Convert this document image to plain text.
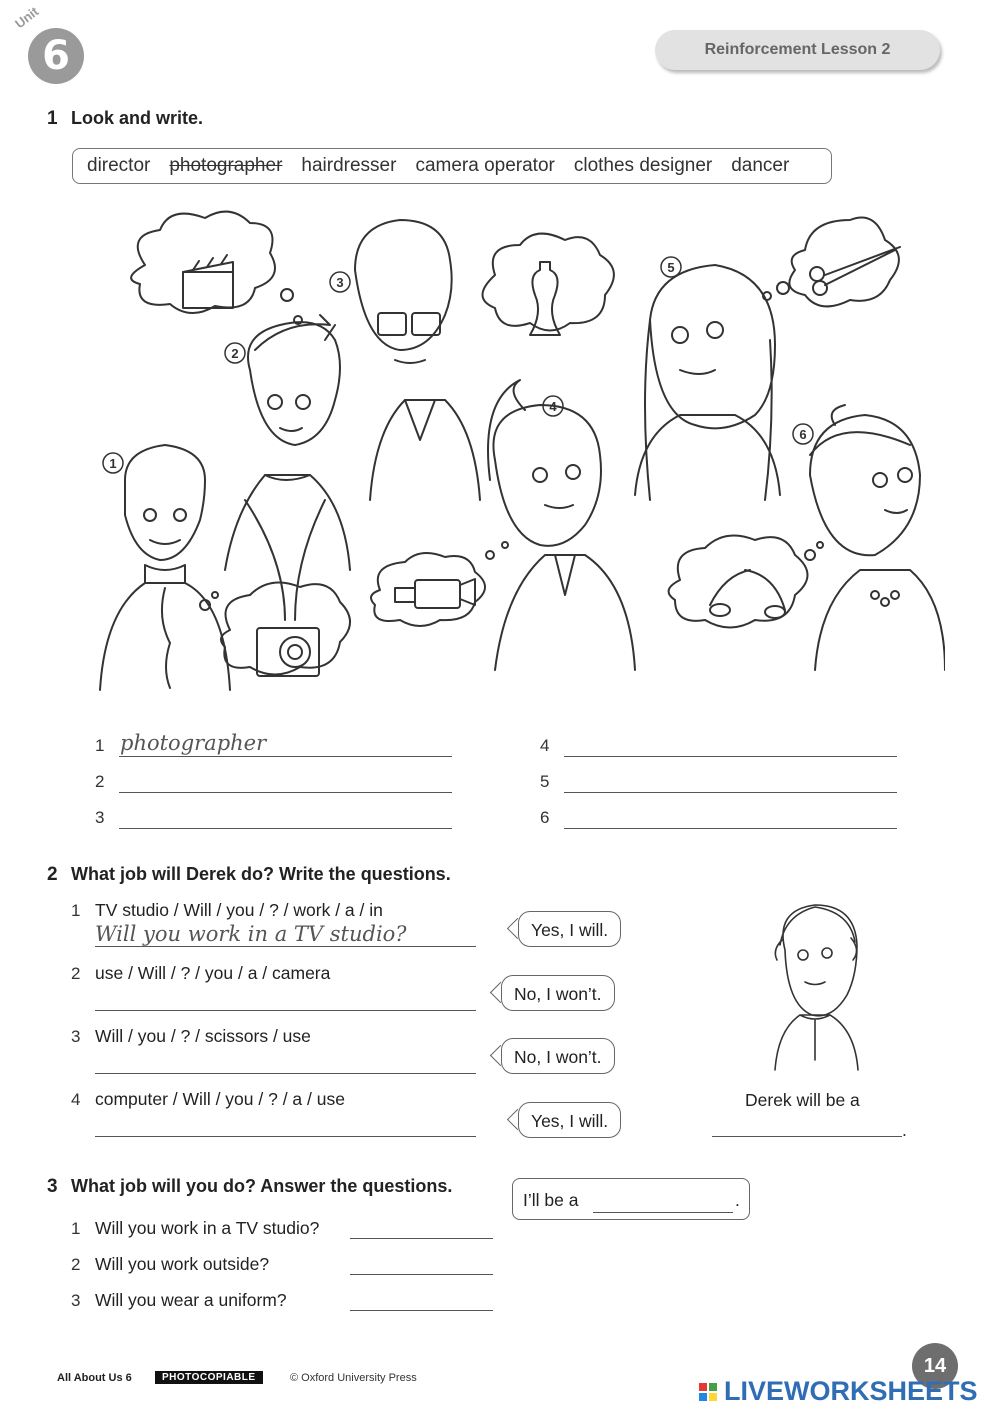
Unit
6	Reinforcement Lesson 2
1 Look and write.
director photographer hairdresser camera operator clothes designer dancer
1
2
3
4
5
6
1 photographer
2
3
4
5
6
2 What job will Derek do? Write the questions.
1 TV studio / Will / you / ? / work / a / in
Will you work in a TV studio?	Yes, I will.
2 use / Will / ? / you / a / camera
No, I won’t.
3 Will / you / ? / scissors / use
No, I won’t.
4 computer / Will / you / ? / a / use
Yes, I will.
Derek will be a
.
3 What job will you do? Answer the questions.
I’ll be a	.
1 Will you work in a TV studio?
2 Will you work outside?
3 Will you wear a uniform?
All About Us 6	PHOTOCOPIABLE	© Oxford University Press
14
LIVEWORKSHEETS
